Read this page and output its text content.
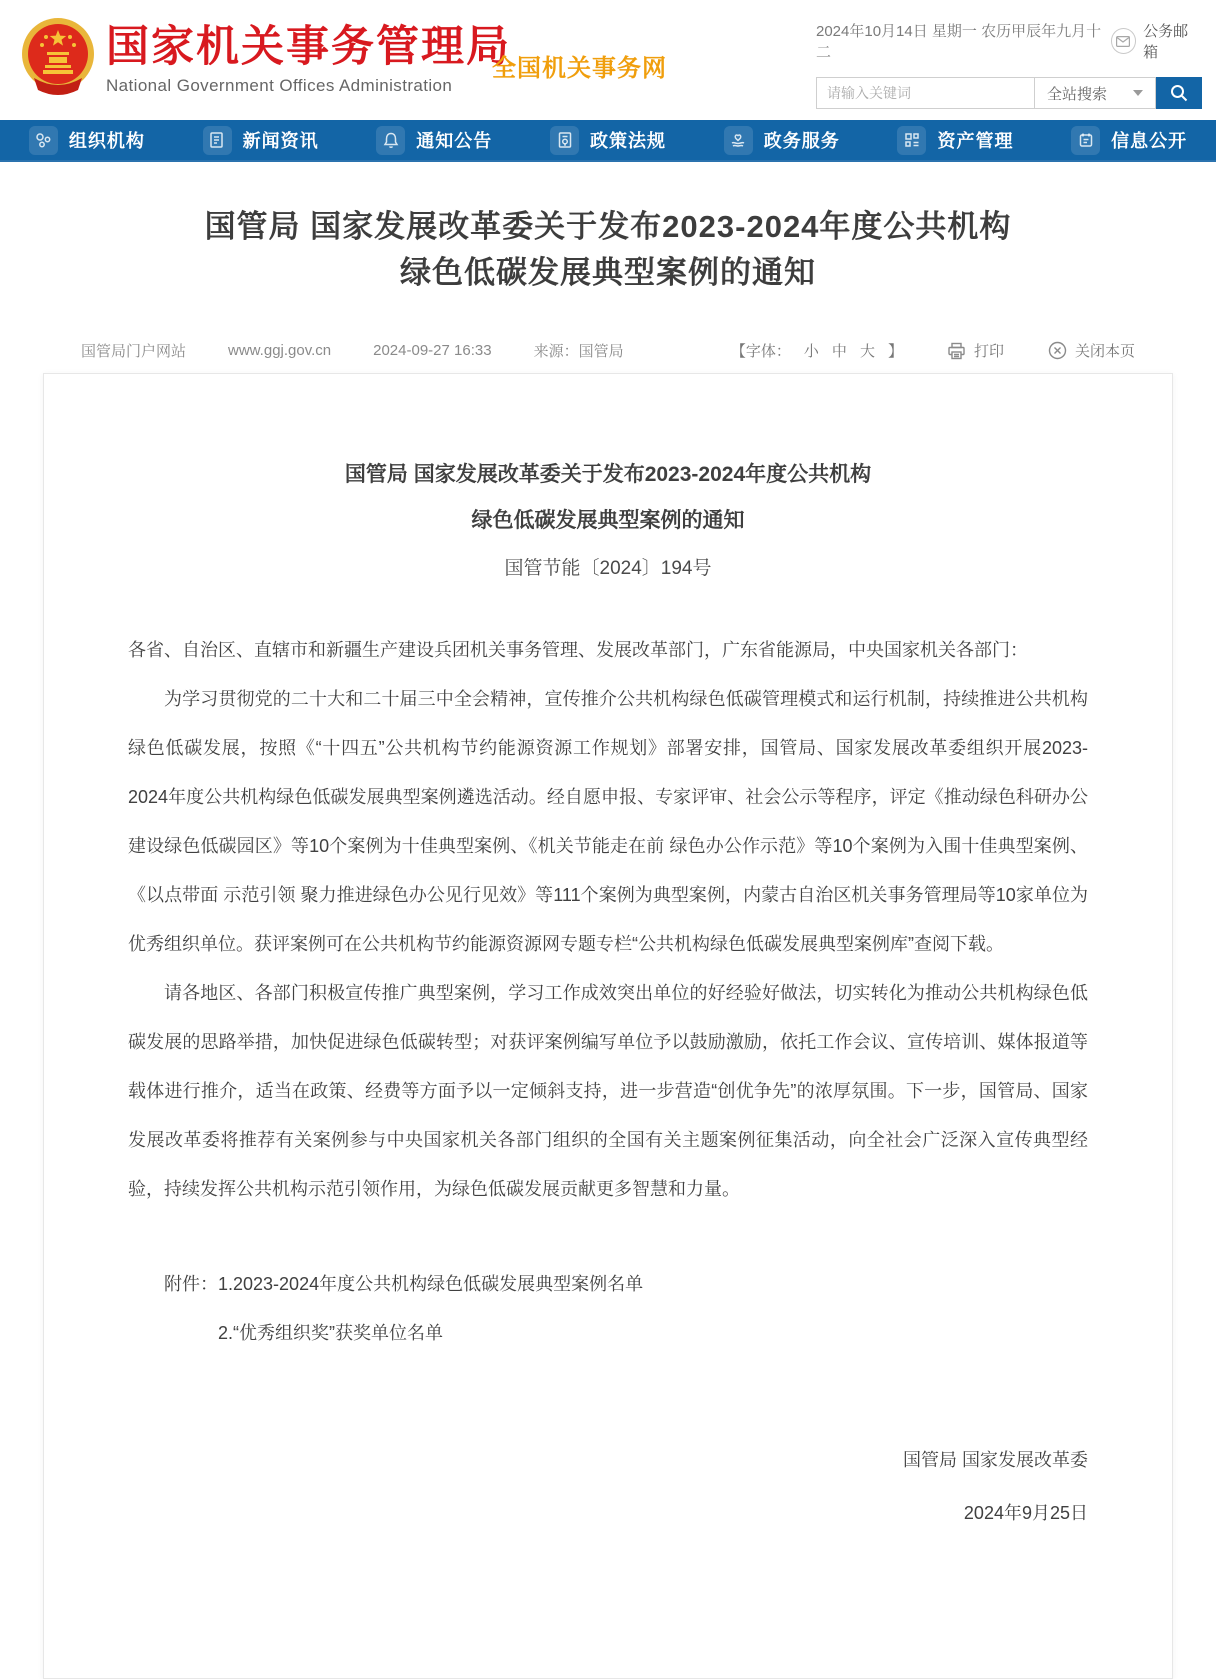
国家机关事务管理局
National Government Offices Administration
全国机关事务网
2024年10月14日 星期一 农历甲辰年九月十二
公务邮箱
请输入关键词
全站搜索
组织机构	新闻资讯	通知公告	政策法规	政务服务	资产管理	信息公开
国管局 国家发展改革委关于发布2023-2024年度公共机构
绿色低碳发展典型案例的通知
国管局门户网站	www.ggj.gov.cn	2024-09-27 16:33	来源：国管局	【字体： 小 中 大 】	打印	关闭本页
国管局 国家发展改革委关于发布2023-2024年度公共机构
绿色低碳发展典型案例的通知
国管节能〔2024〕194号

各省、自治区、直辖市和新疆生产建设兵团机关事务管理、发展改革部门，广东省能源局，中央国家机关各部门：

为学习贯彻党的二十大和二十届三中全会精神，宣传推介公共机构绿色低碳管理模式和运行机制，持续推进公共机构绿色低碳发展，按照《“十四五”公共机构节约能源资源工作规划》部署安排，国管局、国家发展改革委组织开展2023-2024年度公共机构绿色低碳发展典型案例遴选活动。经自愿申报、专家评审、社会公示等程序，评定《推动绿色科研办公 建设绿色低碳园区》等10个案例为十佳典型案例、《机关节能走在前 绿色办公作示范》等10个案例为入围十佳典型案例、《以点带面 示范引领 聚力推进绿色办公见行见效》等111个案例为典型案例，内蒙古自治区机关事务管理局等10家单位为优秀组织单位。获评案例可在公共机构节约能源资源网专题专栏“公共机构绿色低碳发展典型案例库”查阅下载。

请各地区、各部门积极宣传推广典型案例，学习工作成效突出单位的好经验好做法，切实转化为推动公共机构绿色低碳发展的思路举措，加快促进绿色低碳转型；对获评案例编写单位予以鼓励激励，依托工作会议、宣传培训、媒体报道等载体进行推介，适当在政策、经费等方面予以一定倾斜支持，进一步营造“创优争先”的浓厚氛围。下一步，国管局、国家发展改革委将推荐有关案例参与中央国家机关各部门组织的全国有关主题案例征集活动，向全社会广泛深入宣传典型经验，持续发挥公共机构示范引领作用，为绿色低碳发展贡献更多智慧和力量。

附件：1.2023-2024年度公共机构绿色低碳发展典型案例名单

2.“优秀组织奖”获奖单位名单

国管局 国家发展改革委

2024年9月25日
